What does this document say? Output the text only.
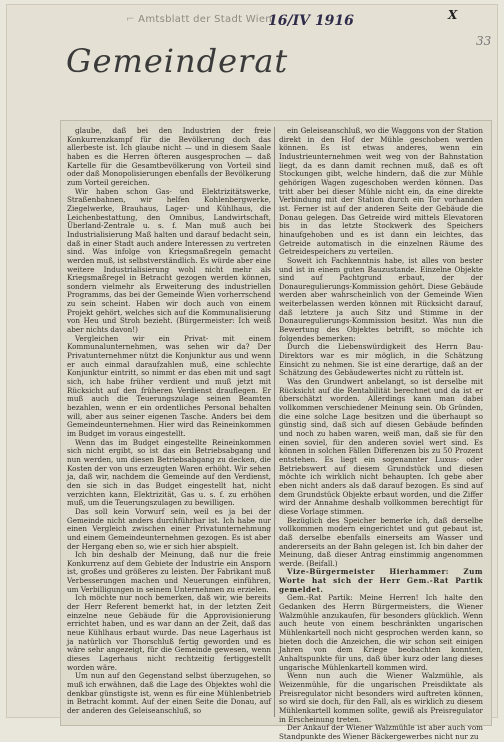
⌐ Amtsblatt der Stadt Wien
16/IV 1916	X
33
Gemeinderat

glaube, daß bei den Industrien der freie Konkurrenzkampf für die Bevölkerung doch das allerbeste ist. Ich glaube nicht — und in diesem Saale haben es die Herren öfteren ausgesprochen — daß Kartelle für die Gesamtbevölkerung von Vorteil sind oder daß Monopolisierungen ebenfalls der Bevölkerung zum Vorteil gereichen.

Wir haben schon Gas- und Elektrizitätswerke, Straßenbahnen, wir helfen Kohlenbergwerke, Ziegelwerke, Brauhaus, Lager- und Kühlhaus, die Leichenbestattung, den Omnibus, Landwirtschaft, Überland-Zentrale u. s. f. Man muß auch bei Industrialisierung Maß halten und darauf bedacht sein, daß in einer Stadt auch andere Interessen zu vertreten sind. Was infolge von Kriegsmaßregeln gemacht werden muß, ist selbstverständlich. Es würde aber eine weitere Industrialisierung wohl nicht mehr als Kriegsmaßregel in Betracht gezogen werden können, sondern vielmehr als Erweiterung des industriellen Programms, das bei der Gemeinde Wien vorherrschend zu sein scheint. Haben wir doch auch von einem Projekt gehört, welches sich auf die Kommunalisierung von Heu und Stroh bezieht. (Bürgermeister: Ich weiß aber nichts davon!)

Vergleichen wir ein Privat- mit einem Kommunalunternehmen, was sehen wir da? Der Privatunternehmer nützt die Konjunktur aus und wenn er auch einmal daraufzahlen muß, eine schlechte Konjunktur eintritt, so nimmt er das eben mit und sagt sich, ich habe früher verdient und muß jetzt mit Rücksicht auf den früheren Verdienst drauflegen. Er muß auch die Teuerungszulage seinen Beamten bezahlen, wenn er ein ordentliches Personal behalten will, aber aus seiner eigenen Tasche. Anders bei dem Gemeindeunternehmen. Hier wird das Reineinkommen im Budget im voraus eingestellt.

Wenn das im Budget eingestellte Reineinkommen sich nicht ergibt, so ist das ein Betriebsabgang und nun werden, um diesen Betriebsabgang zu decken, die Kosten der von uns erzeugten Waren erhöht. Wir sehen ja, daß wir, nachdem die Gemeinde auf den Verdienst, den sie sich in das Budget eingestellt hat, nicht verzichten kann, Elektrizität, Gas u. s. f. zu erhöhen muß, um die Teuerungszulagen zu bewilligen.

Das soll kein Vorwurf sein, weil es ja bei der Gemeinde nicht anders durchführbar ist. Ich habe nur einen Vergleich zwischen einer Privatunternehmung und einem Gemeindeunternehmen gezogen. Es ist aber der Hergang eben so, wie er sich hier abspielt.

Ich bin deshalb der Meinung, daß nur die freie Konkurrenz auf dem Gebiete der Industrie ein Ansporn ist, großes und größeres zu leisten. Der Fabrikant muß Verbesserungen machen und Neuerungen einführen, um Verbilligungen in seinem Unternehmen zu erzielen.

Ich möchte nur noch bemerken, daß wir, wie bereits der Herr Referent bemerkt hat, in der letzten Zeit einzelne neue Gebäude für die Approvisionierung errichtet haben, und es war dann an der Zeit, daß das neue Kühlhaus erbaut wurde. Das neue Lagerhaus ist ja natürlich vor Thorschluß fertig geworden und es wäre sehr angezeigt, für die Gemeinde gewesen, wenn dieses Lagerhaus nicht rechtzeitig fertiggestellt worden wäre.

Um nun auf den Gegenstand selbst überzugehen, so muß ich erwähnen, daß die Lage des Objektes wohl die denkbar günstigste ist, wenn es für eine Mühlenbetrieb in Betracht kommt. Auf der einen Seite die Donau, auf der anderen des Geleiseanschluß, so

ein Geleiseanschluß, wo die Waggons von der Station direkt in den Hof der Mühle geschoben werden können. Es ist etwas anderes, wenn ein Industrieunternehmen weit weg von der Bahnstation liegt, da es dann damit rechnen muß, daß es oft Stockungen gibt, welche hindern, daß die zur Mühle gehörigen Wagen zugeschoben werden können. Das tritt aber bei dieser Mühle nicht ein, da eine direkte Verbindung mit der Station durch ein Tor vorhanden ist. Ferner ist auf der anderen Seite der Gebäude die Donau gelegen. Das Getreide wird mittels Elevatoren bis in das letzte Stockwerk des Speichers hinaufgehoben und es ist dann ein leichtes, das Getreide automatisch in die einzelnen Räume des Getreidespeichers zu verteilen.

Soweit ich Fachkenntnis habe, ist alles von bester und ist in einem guten Bauzustande. Einzelne Objekte sind auf Pachtgrund erbaut, der der Donauregulierungs-Kommission gehört. Diese Gebäude werden aber wahrscheinlich von der Gemeinde Wien weiterbelassen werden können mit Rücksicht darauf, daß letztere ja auch Sitz und Stimme in der Donauregulierungs-Kommission besitzt. Was nun die Bewertung des Objektes betrifft, so möchte ich folgendes bemerken:

Durch die Liebenswürdigkeit des Herrn Bau-Direktors war es mir möglich, in die Schätzung Einsicht zu nehmen. Sie ist eine derartige, daß an der Schätzung des Gebäudewertes nicht zu rütteln ist.

Was den Grundwert anbelangt, so ist derselbe mit Rücksicht auf die Rentabilität berechnet und da ist er überschätzt worden. Allerdings kann man dabei vollkommen verschiedener Meinung sein. Ob Gründen, die eine solche Lage besitzen und die überhaupt so günstig sind, daß sich auf diesen Gebäude befinden und noch zu haben waren, weiß man, daß sie für den einen soviel, für den anderen soviel wert sind. Es können in solchen Fällen Differenzen bis zu 50 Prozent entstehen. Es liegt ein sogenannter Luxus- oder Betriebswert auf diesem Grundstück und diesen möchte ich wirklich nicht behaupten. Ich gebe aber eben nicht anders als daß darauf bezogen. Es sind auf dem Grundstück Objekte erbaut worden, und die Ziffer wird der Annahme deshalb vollkommen berechtigt für diese Vorlage stimmen.

Bezüglich des Speicher bemerke ich, daß derselbe vollkommen modern eingerichtet und gut gebaut ist, daß derselbe ebenfalls einerseits am Wasser und andererseits an der Bahn gelegen ist. Ich bin daher der Meinung, daß dieser Antrag einstimmig angenommen werde. (Beifall.)

Vize-Bürgermeister Hierhammer: Zum Worte hat sich der Herr Gem.-Rat Partik gemeldet.

Gem.-Rat Partik: Meine Herren! Ich halte den Gedanken des Herrn Bürgermeisters, die Wiener Walzmühle anzukaufen, für besonders glücklich. Wenn auch heute von einem beschränkten ungarischen Mühlenkartell noch nicht gesprochen werden kann, so bieten doch die Anzeichen, die wir schon seit einigen Jahren von dem Kriege beobachten konnten, Anhaltspunkte für uns, daß über kurz oder lang dieses ungarische Mühlenkartell kommen wird.

Wenn nun auch die Wiener Walzmühle, als Weizenmühle, für die ungarischen Preisdiktate als Preisregulator nicht besonders wird auftreten können, so wird sie doch, für den Fall, als es wirklich zu diesem Mühlenkartell kommen sollte, gewiß als Preisregulator in Erscheinung treten.

Der Ankauf der Wiener Walzmühle ist aber auch vom Standpunkte des Wiener Bäckergewerbes nicht nur zu
